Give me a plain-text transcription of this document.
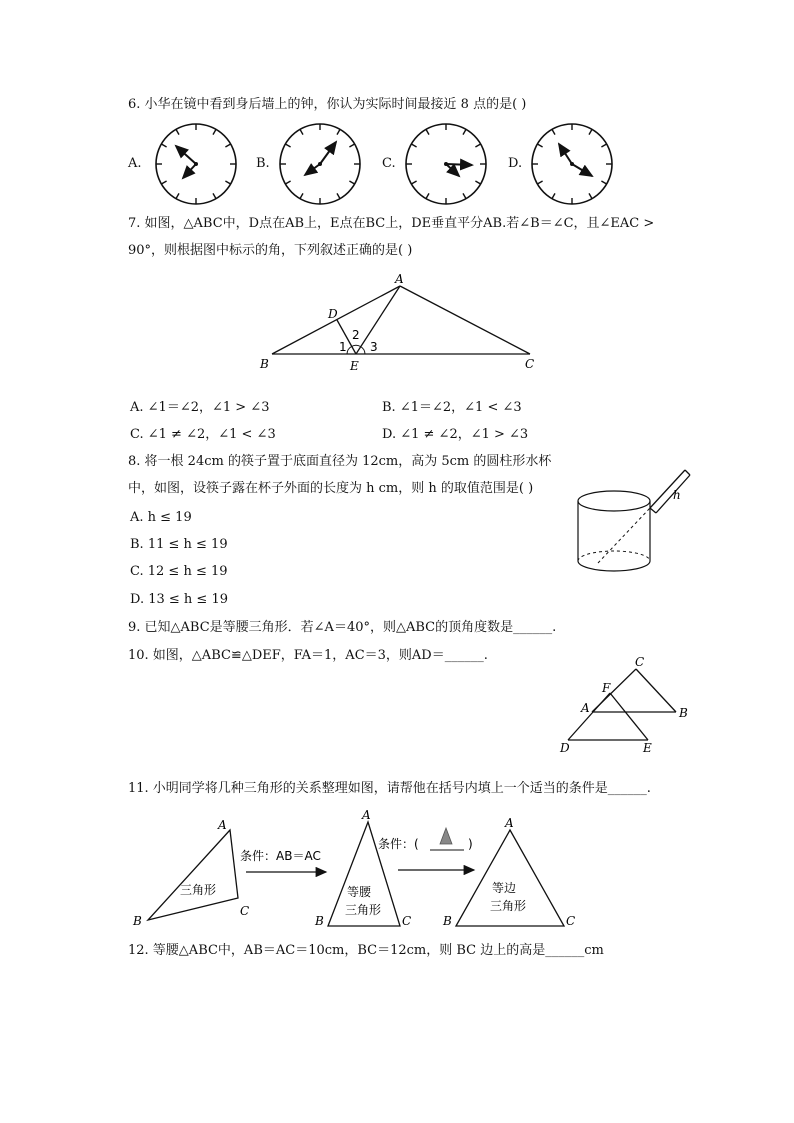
6. 小华在镜中看到身后墙上的钟，你认为实际时间最接近 8 点的是( )
A.	B.	C.	D.
7. 如图，△ABC中，D点在AB上，E点在BC上，DE垂直平分AB.若∠B＝∠C，且∠EAC >
90°，则根据图中标示的角，下列叙述正确的是( )
A
D
B	E	C
1
2
3
A. ∠1＝∠2，∠1 > ∠3	B. ∠1＝∠2，∠1 < ∠3
C. ∠1 ≠ ∠2，∠1 < ∠3	D. ∠1 ≠ ∠2，∠1 > ∠3
8. 将一根 24cm 的筷子置于底面直径为 12cm，高为 5cm 的圆柱形水杯
中，如图，设筷子露在杯子外面的长度为 h cm，则 h 的取值范围是( )
A. h ≤ 19
B. 11 ≤ h ≤ 19
C. 12 ≤ h ≤ 19
D. 13 ≤ h ≤ 19
h
9. 已知△ABC是等腰三角形．若∠A＝40°，则△ABC的顶角度数是______.
10. 如图，△ABC≌△DEF，FA＝1，AC＝3，则AD＝______.	C
F
A	B
D	E
11. 小明同学将几种三角形的关系整理如图，请帮他在括号内填上一个适当的条件是______.
A
B
C
三角形
条件：AB＝AC
A
B	C
等腰
三角形
条件：(	)
A
B	C
等边
三角形
12. 等腰△ABC中，AB＝AC＝10cm，BC＝12cm，则 BC 边上的高是______cm
